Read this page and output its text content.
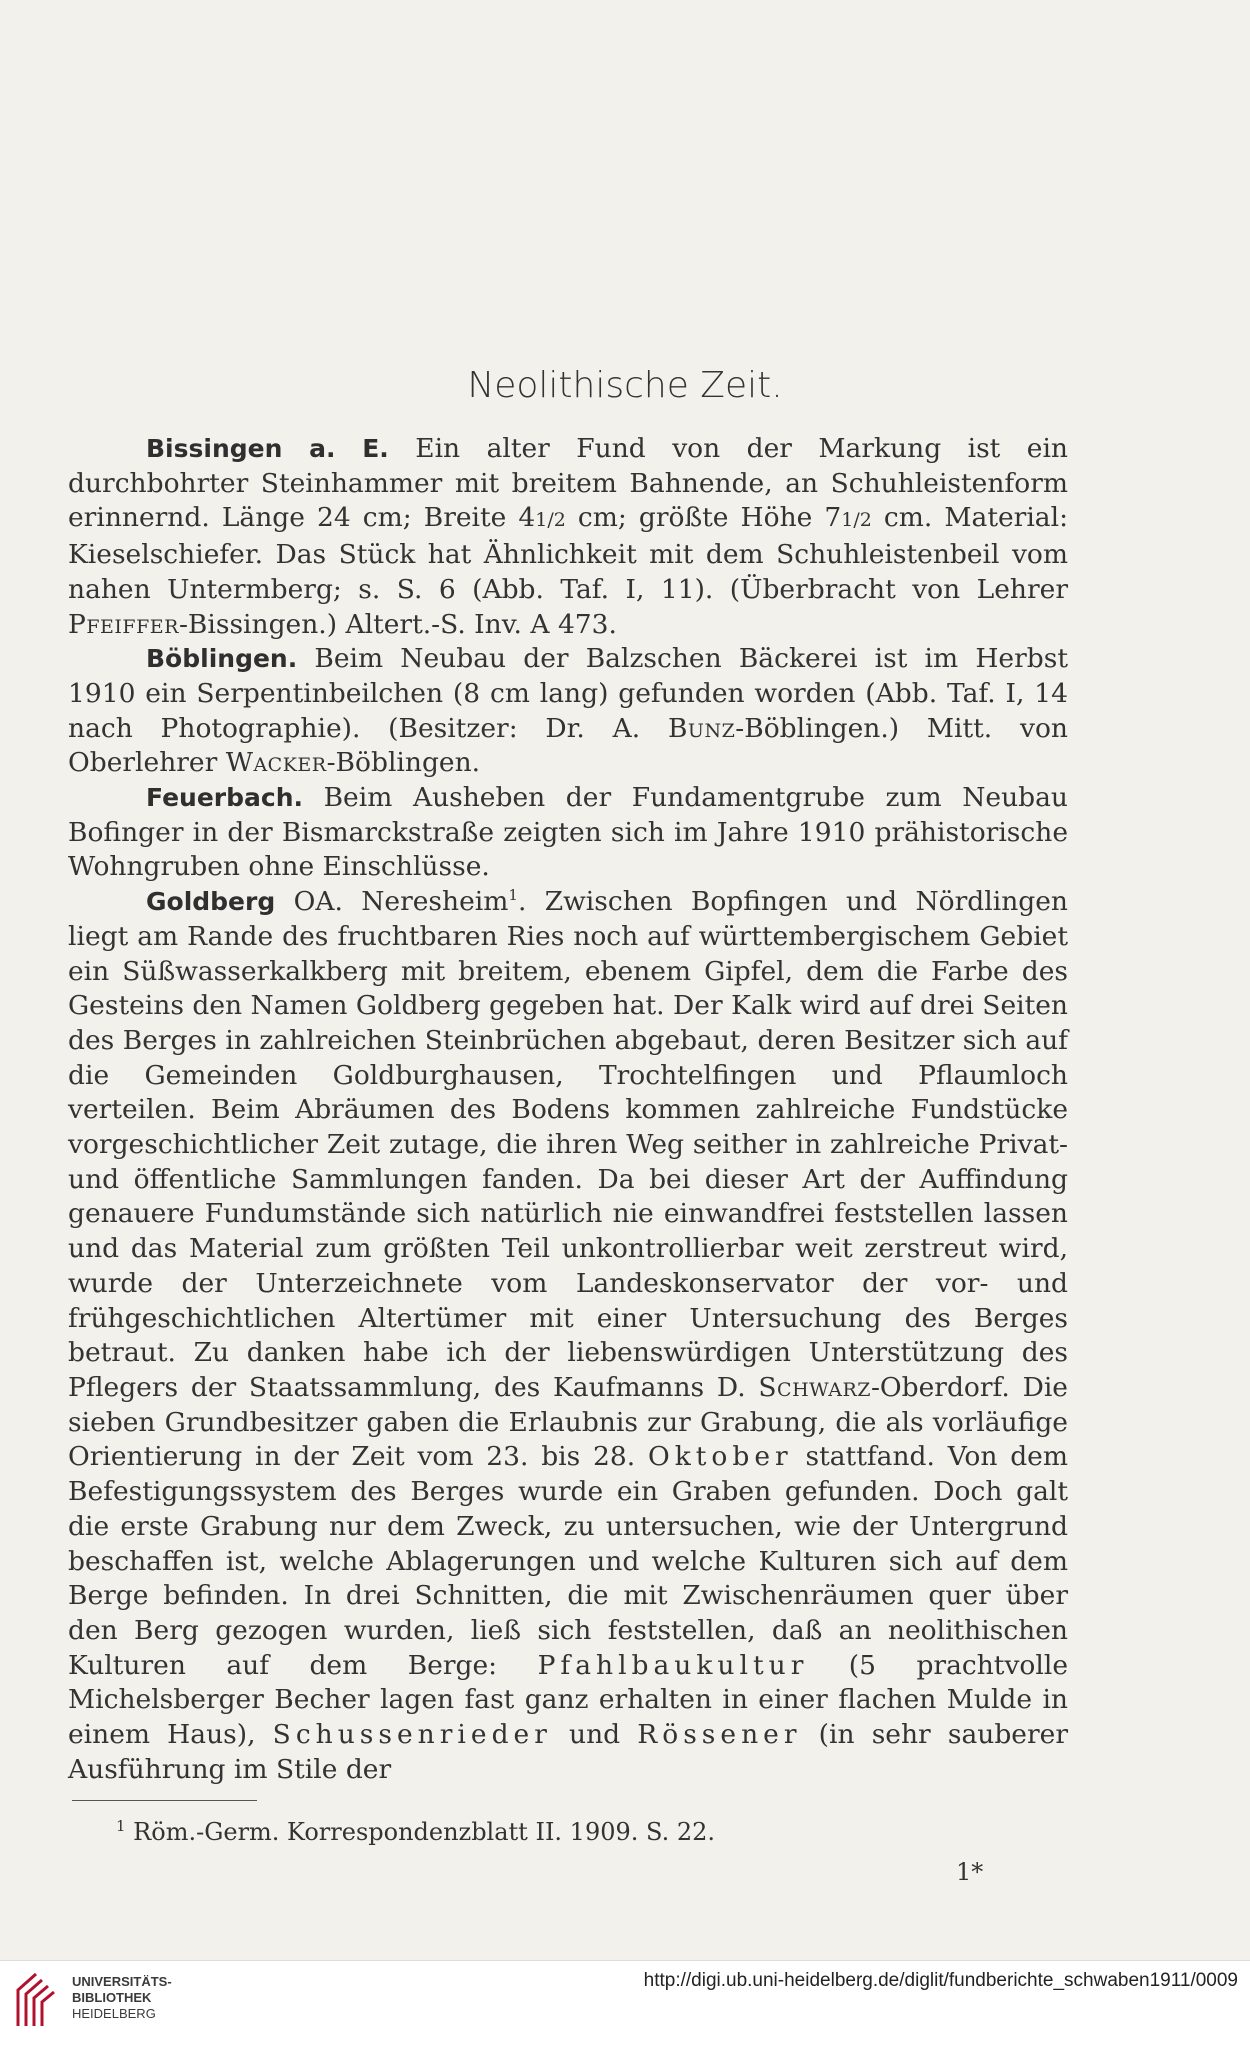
Neolithische Zeit.

Bissingen a. E. Ein alter Fund von der Markung ist ein durchbohrter Steinhammer mit breitem Bahnende, an Schuhleistenform erinnernd. Länge 24 cm; Breite 41/2 cm; größte Höhe 71/2 cm. Material: Kieselschiefer. Das Stück hat Ähnlichkeit mit dem Schuhleistenbeil vom nahen Untermberg; s. S. 6 (Abb. Taf. I, 11). (Überbracht von Lehrer Pfeiffer-Bissingen.) Altert.-S. Inv. A 473.

Böblingen. Beim Neubau der Balzschen Bäckerei ist im Herbst 1910 ein Serpentinbeilchen (8 cm lang) gefunden worden (Abb. Taf. I, 14 nach Photographie). (Besitzer: Dr. A. Bunz-Böblingen.) Mitt. von Oberlehrer Wacker-Böblingen.

Feuerbach. Beim Ausheben der Fundamentgrube zum Neubau Bofinger in der Bismarckstraße zeigten sich im Jahre 1910 prähistorische Wohngruben ohne Einschlüsse.

Goldberg OA. Neresheim$^1$. Zwischen Bopfingen und Nördlingen liegt am Rande des fruchtbaren Ries noch auf württembergischem Gebiet ein Süßwasserkalkberg mit breitem, ebenem Gipfel, dem die Farbe des Gesteins den Namen Goldberg gegeben hat. Der Kalk wird auf drei Seiten des Berges in zahlreichen Steinbrüchen abgebaut, deren Besitzer sich auf die Gemeinden Goldburghausen, Trochtelfingen und Pflaumloch verteilen. Beim Abräumen des Bodens kommen zahlreiche Fundstücke vorgeschichtlicher Zeit zutage, die ihren Weg seither in zahlreiche Privat- und öffentliche Sammlungen fanden. Da bei dieser Art der Auffindung genauere Fundumstände sich natürlich nie einwandfrei feststellen lassen und das Material zum größten Teil unkontrollierbar weit zerstreut wird, wurde der Unterzeichnete vom Landeskonservator der vor- und frühgeschichtlichen Altertümer mit einer Untersuchung des Berges betraut. Zu danken habe ich der liebenswürdigen Unterstützung des Pflegers der Staatssammlung, des Kaufmanns D. Schwarz-Oberdorf. Die sieben Grundbesitzer gaben die Erlaubnis zur Grabung, die als vorläufige Orientierung in der Zeit vom 23. bis 28. Oktober stattfand. Von dem Befestigungssystem des Berges wurde ein Graben gefunden. Doch galt die erste Grabung nur dem Zweck, zu untersuchen, wie der Untergrund beschaffen ist, welche Ablagerungen und welche Kulturen sich auf dem Berge befinden. In drei Schnitten, die mit Zwischenräumen quer über den Berg gezogen wurden, ließ sich feststellen, daß an neolithischen Kulturen auf dem Berge: Pfahlbaukultur (5 prachtvolle Michelsberger Becher lagen fast ganz erhalten in einer flachen Mulde in einem Haus), Schussenrieder und Rössener (in sehr sauberer Ausführung im Stile der

$^1$ Röm.-Germ. Korrespondenzblatt II. 1909. S. 22.
1*
UNIVERSITÄTS-
BIBLIOTHEK
HEIDELBERG
http://digi.ub.uni-heidelberg.de/diglit/fundberichte_schwaben1911/0009
